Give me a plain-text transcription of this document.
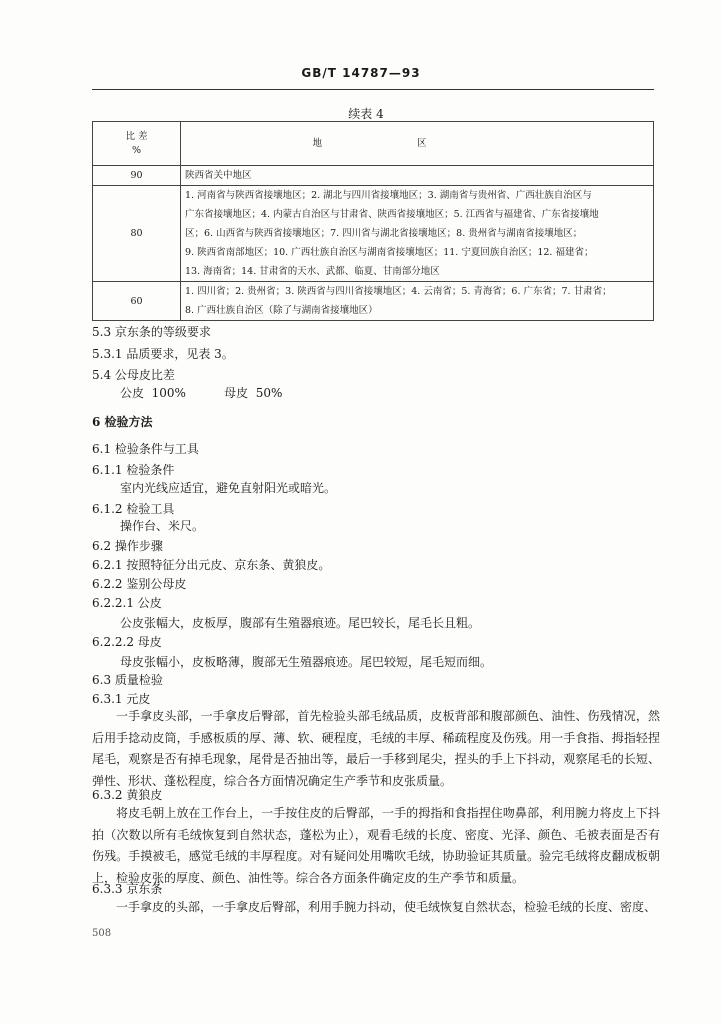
GB/T 14787—93
续表 4
比 差
%	地区
90	陕西省关中地区

80	1. 河南省与陕西省接壤地区；2. 湖北与四川省接壤地区；3. 湖南省与贵州省、广西壮族自治区与
广东省接壤地区；4. 内蒙古自治区与甘肃省、陕西省接壤地区；5. 江西省与福建省、广东省接壤地
区；6. 山西省与陕西省接壤地区；7. 四川省与湖北省接壤地区；8. 贵州省与湖南省接壤地区；
9. 陕西省南部地区；10. 广西壮族自治区与湖南省接壤地区；11. 宁夏回族自治区；12. 福建省；
13. 海南省；14. 甘肃省的天水、武都、临夏、甘南部分地区

60	1. 四川省；2. 贵州省；3. 陕西省与四川省接壤地区；4. 云南省；5. 青海省；6. 广东省；7. 甘肃省；
8. 广西壮族自治区（除了与湖南省接壤地区）
5.3 京东条的等级要求
5.3.1 品质要求，见表 3。
5.4 公母皮比差
公皮  100%          母皮  50%
6 检验方法
6.1 检验条件与工具
6.1.1 检验条件
室内光线应适宜，避免直射阳光或暗光。
6.1.2 检验工具
操作台、米尺。
6.2 操作步骤
6.2.1 按照特征分出元皮、京东条、黄狼皮。
6.2.2 鉴别公母皮
6.2.2.1 公皮
公皮张幅大，皮板厚，腹部有生殖器痕迹。尾巴较长，尾毛长且粗。
6.2.2.2 母皮
母皮张幅小，皮板略薄，腹部无生殖器痕迹。尾巴较短，尾毛短而细。
6.3 质量检验
6.3.1 元皮
一手拿皮头部，一手拿皮后臀部，首先检验头部毛绒品质，皮板背部和腹部颜色、油性、伤残情况，然后用手捻动皮筒，手感板质的厚、薄、软、硬程度，毛绒的丰厚、稀疏程度及伤残。用一手食指、拇指轻捏尾毛，观察是否有掉毛现象，尾骨是否抽出等，最后一手移到尾尖，捏头的手上下抖动，观察尾毛的长短、弹性、形状、蓬松程度，综合各方面情况确定生产季节和皮张质量。
6.3.2 黄狼皮
将皮毛朝上放在工作台上，一手按住皮的后臀部，一手的拇指和食指捏住吻鼻部，利用腕力将皮上下抖拍（次数以所有毛绒恢复到自然状态，蓬松为止），观看毛绒的长度、密度、光泽、颜色、毛被表面是否有伤残。手摸被毛，感觉毛绒的丰厚程度。对有疑问处用嘴吹毛绒，协助验证其质量。验完毛绒将皮翻成板朝上，检验皮张的厚度、颜色、油性等。综合各方面条件确定皮的生产季节和质量。
6.3.3 京东条
一手拿皮的头部，一手拿皮后臀部，利用手腕力抖动，使毛绒恢复自然状态，检验毛绒的长度、密度、
508
